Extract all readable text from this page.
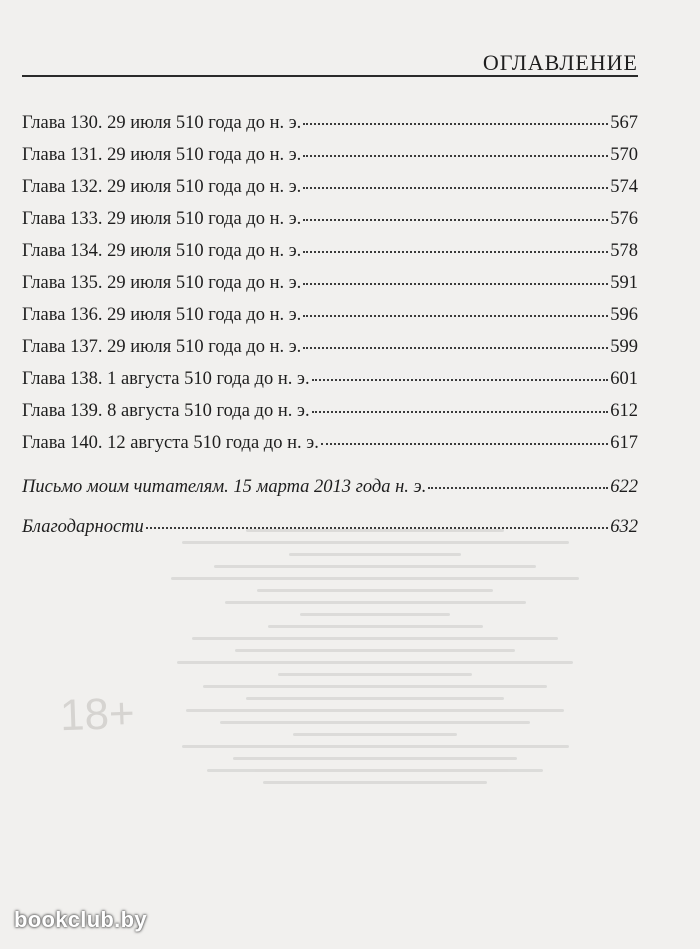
ОГЛАВЛЕНИЕ
18+
Глава 130. 29 июля 510 года до н. э.	567
Глава 131. 29 июля 510 года до н. э.	570
Глава 132. 29 июля 510 года до н. э.	574
Глава 133. 29 июля 510 года до н. э.	576
Глава 134. 29 июля 510 года до н. э.	578
Глава 135. 29 июля 510 года до н. э.	591
Глава 136. 29 июля 510 года до н. э.	596
Глава 137. 29 июля 510 года до н. э.	599
Глава 138. 1 августа 510 года до н. э.	601
Глава 139. 8 августа 510 года до н. э.	612
Глава 140. 12 августа 510 года до н. э.	617
Письмо моим читателям. 15 марта 2013 года н. э.	622
Благодарности	632
bookclub.by
